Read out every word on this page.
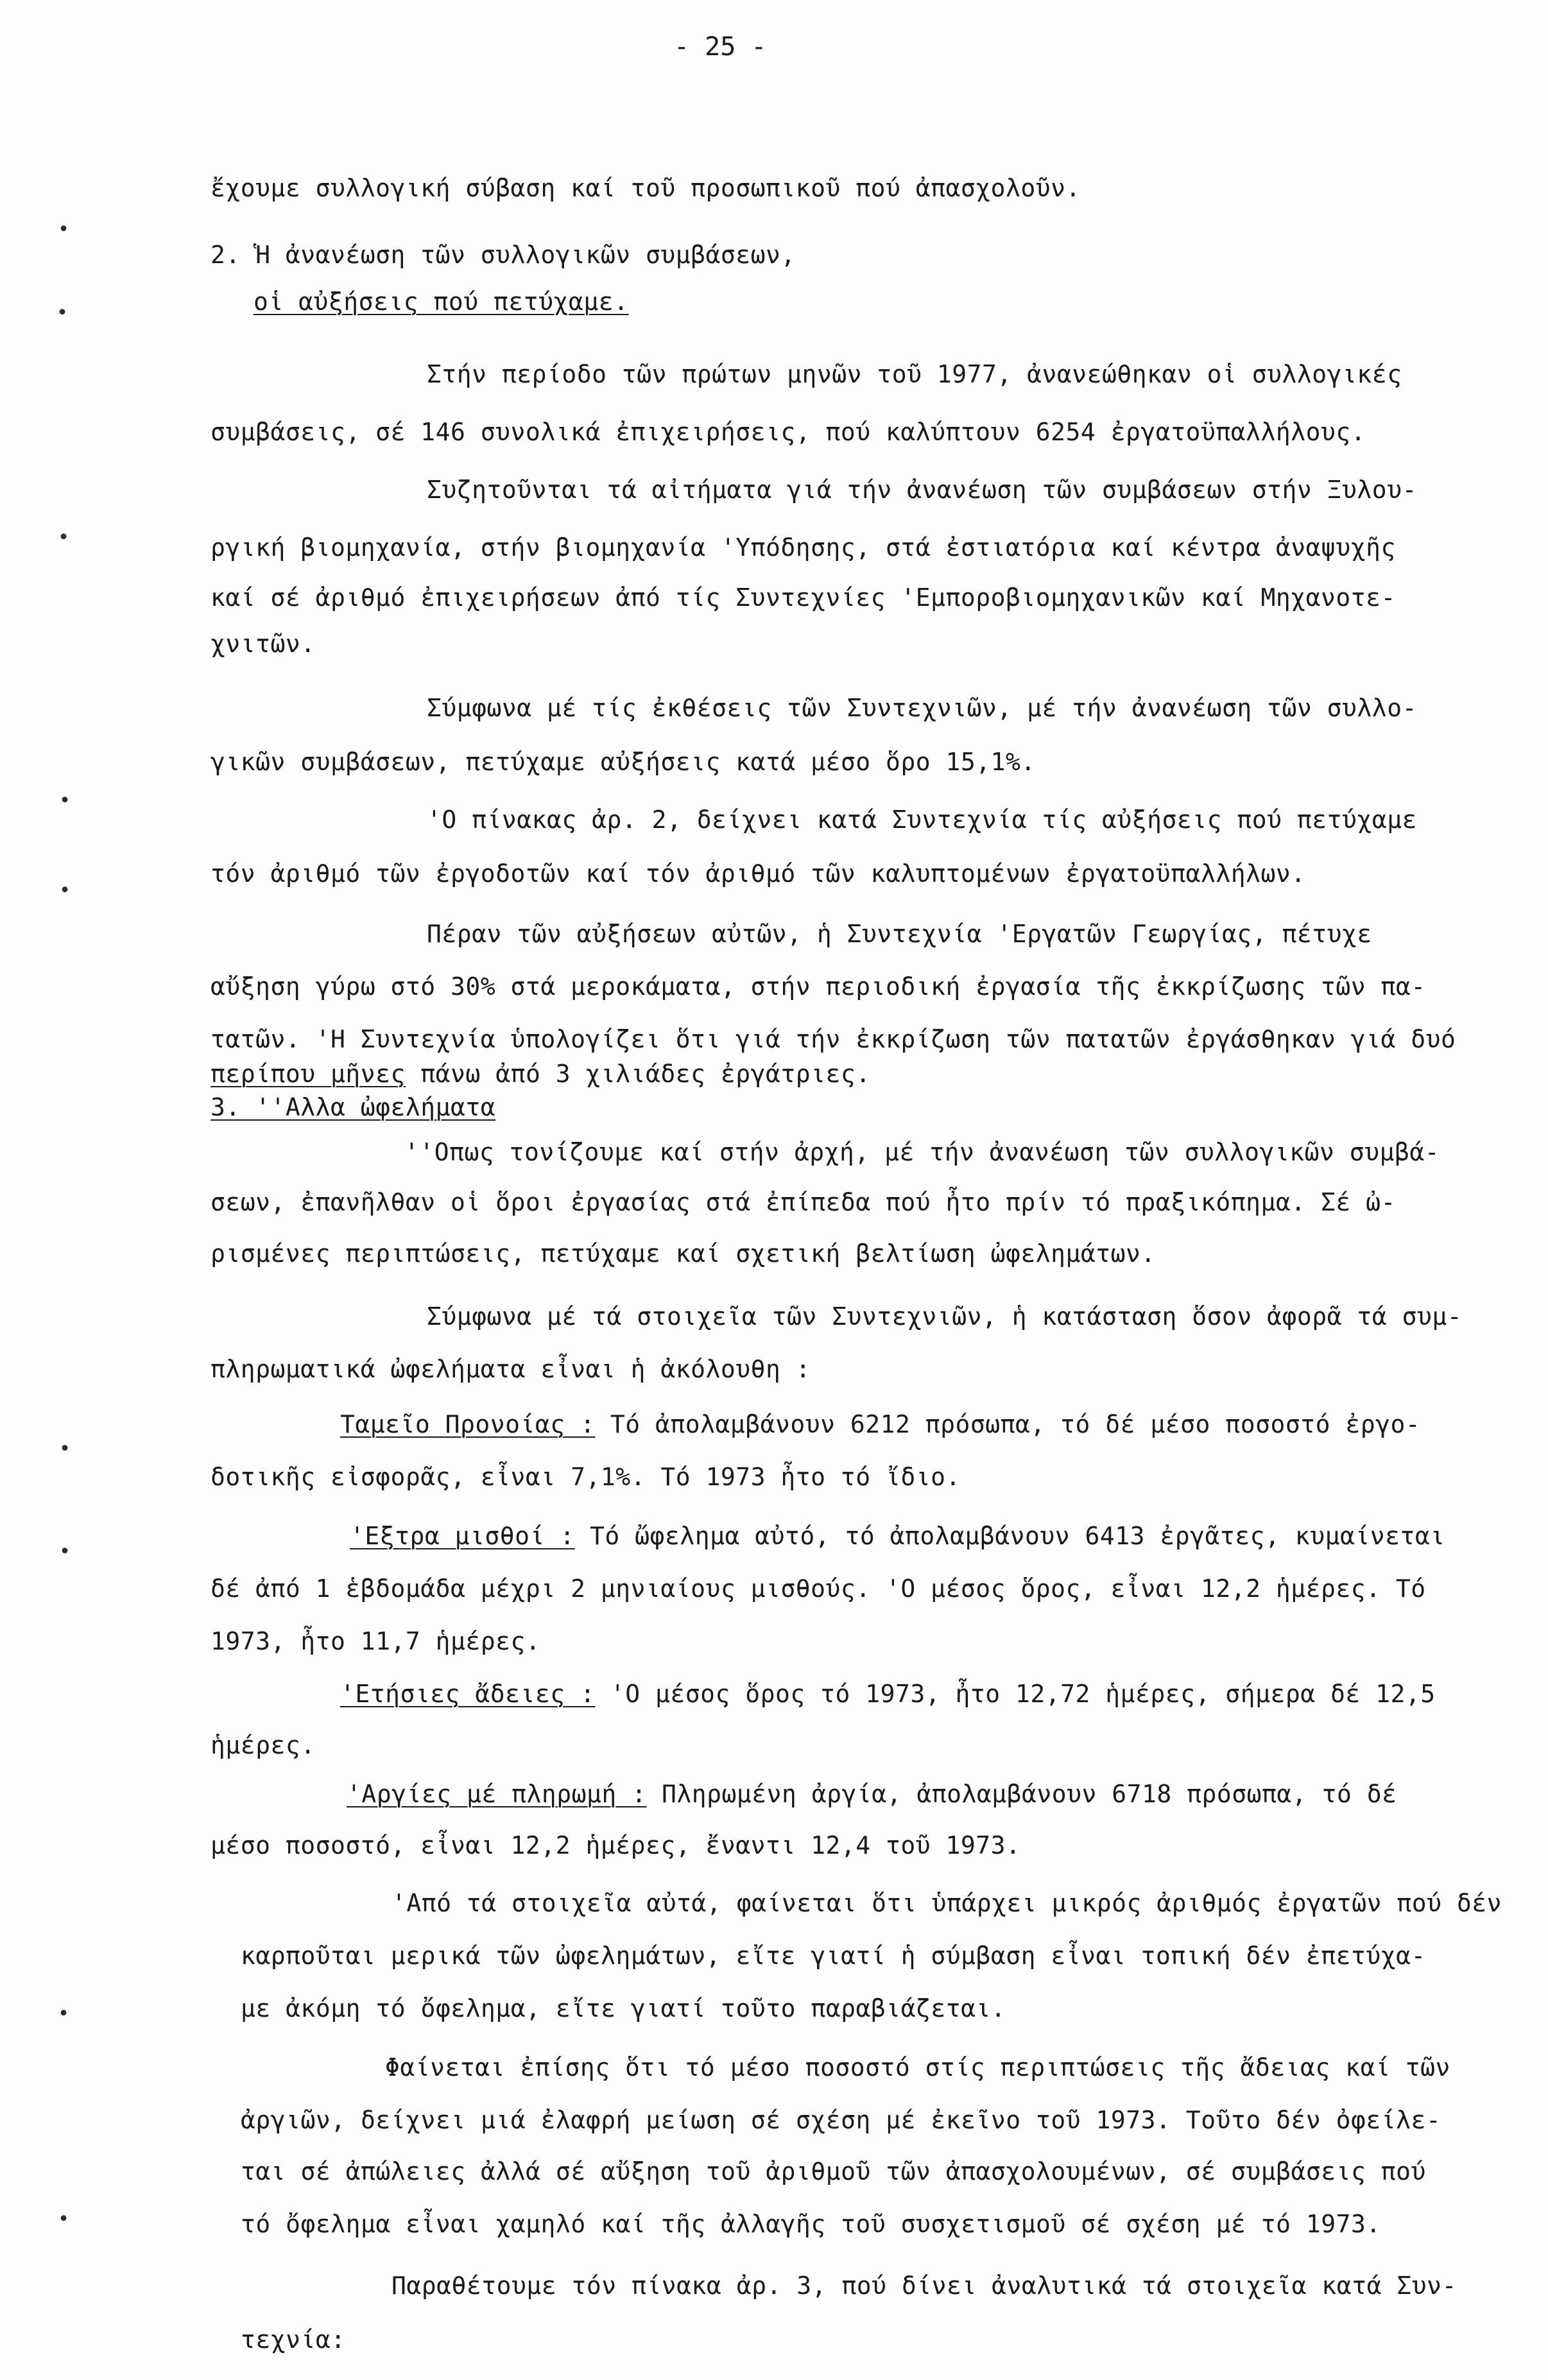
- 25 -
ἔχουμε συλλογική σύβαση καί τοῦ προσωπικοῦ πού ἀπασχολοῦν.
2. Ἡ ἀνανέωση τῶν συλλογικῶν συμβάσεων,
οἱ αὐξήσεις πού πετύχαμε.
Στήν περίοδο τῶν πρώτων μηνῶν τοῦ 1977, ἀνανεώθηκαν οἱ συλλογικές
συμβάσεις, σέ 146 συνολικά ἐπιχειρήσεις, πού καλύπτουν 6254 ἐργατοϋπαλλήλους.
Συζητοῦνται τά αἰτήματα γιά τήν ἀνανέωση τῶν συμβάσεων στήν Ξυλου-
ργική βιομηχανία, στήν βιομηχανία 'Υπόδησης, στά ἐστιατόρια καί κέντρα ἀναψυχῆς
καί σέ ἀριθμό ἐπιχειρήσεων ἀπό τίς Συντεχνίες 'Εμποροβιομηχανικῶν καί Μηχανοτε-
χνιτῶν.
Σύμφωνα μέ τίς ἐκθέσεις τῶν Συντεχνιῶν, μέ τήν ἀνανέωση τῶν συλλο-
γικῶν συμβάσεων, πετύχαμε αὐξήσεις κατά μέσο ὅρο 15,1%.
'Ο πίνακας ἀρ. 2, δείχνει κατά Συντεχνία τίς αὐξήσεις πού πετύχαμε
τόν ἀριθμό τῶν ἐργοδοτῶν καί τόν ἀριθμό τῶν καλυπτομένων ἐργατοϋπαλλήλων.
Πέραν τῶν αὐξήσεων αὐτῶν, ἡ Συντεχνία 'Εργατῶν Γεωργίας, πέτυχε
αὔξηση γύρω στό 30% στά μεροκάματα, στήν περιοδική ἐργασία τῆς ἐκκρίζωσης τῶν πα-
τατῶν. 'Η Συντεχνία ὑπολογίζει ὅτι γιά τήν ἐκκρίζωση τῶν πατατῶν ἐργάσθηκαν γιά δυό
περίπου μῆνες πάνω ἀπό 3 χιλιάδες ἐργάτριες.
3. ''Αλλα ὠφελήματα
''Οπως τονίζουμε καί στήν ἀρχή, μέ τήν ἀνανέωση τῶν συλλογικῶν συμβά-
σεων, ἐπανῆλθαν οἱ ὅροι ἐργασίας στά ἐπίπεδα πού ἦτο πρίν τό πραξικόπημα. Σέ ὠ-
ρισμένες περιπτώσεις, πετύχαμε καί σχετική βελτίωση ὠφελημάτων.
Σύμφωνα μέ τά στοιχεῖα τῶν Συντεχνιῶν, ἡ κατάσταση ὅσον ἀφορᾶ τά συμ-
πληρωματικά ὠφελήματα εἶναι ἡ ἀκόλουθη :
Ταμεῖο Προνοίας : Τό ἀπολαμβάνουν 6212 πρόσωπα, τό δέ μέσο ποσοστό ἐργο-
δοτικῆς εἰσφορᾶς, εἶναι 7,1%. Τό 1973 ἦτο τό ἴδιο.
'Εξτρα μισθοί : Τό ὤφελημα αὐτό, τό ἀπολαμβάνουν 6413 ἐργᾶτες, κυμαίνεται
δέ ἀπό 1 ἑβδομάδα μέχρι 2 μηνιαίους μισθούς. 'Ο μέσος ὅρος, εἶναι 12,2 ἡμέρες. Τό
1973, ἦτο 11,7 ἡμέρες.
'Ετήσιες ἄδειες : 'Ο μέσος ὅρος τό 1973, ἦτο 12,72 ἡμέρες, σήμερα δέ 12,5
ἡμέρες.
'Αργίες μέ πληρωμή : Πληρωμένη ἀργία, ἀπολαμβάνουν 6718 πρόσωπα, τό δέ
μέσο ποσοστό, εἶναι 12,2 ἡμέρες, ἔναντι 12,4 τοῦ 1973.
'Από τά στοιχεῖα αὐτά, φαίνεται ὅτι ὑπάρχει μικρός ἀριθμός ἐργατῶν πού δέν
καρποῦται μερικά τῶν ὠφελημάτων, εἴτε γιατί ἡ σύμβαση εἶναι τοπική δέν ἐπετύχα-
με ἀκόμη τό ὄφελημα, εἴτε γιατί τοῦτο παραβιάζεται.
Φαίνεται ἐπίσης ὅτι τό μέσο ποσοστό στίς περιπτώσεις τῆς ἄδειας καί τῶν
ἀργιῶν, δείχνει μιά ἐλαφρή μείωση σέ σχέση μέ ἐκεῖνο τοῦ 1973. Τοῦτο δέν ὀφείλε-
ται σέ ἀπώλειες ἀλλά σέ αὔξηση τοῦ ἀριθμοῦ τῶν ἀπασχολουμένων, σέ συμβάσεις πού
τό ὄφελημα εἶναι χαμηλό καί τῆς ἀλλαγῆς τοῦ συσχετισμοῦ σέ σχέση μέ τό 1973.
Παραθέτουμε τόν πίνακα ἀρ. 3, πού δίνει ἀναλυτικά τά στοιχεῖα κατά Συν-
τεχνία:
•
•
•
•
•
•
•
•
•
